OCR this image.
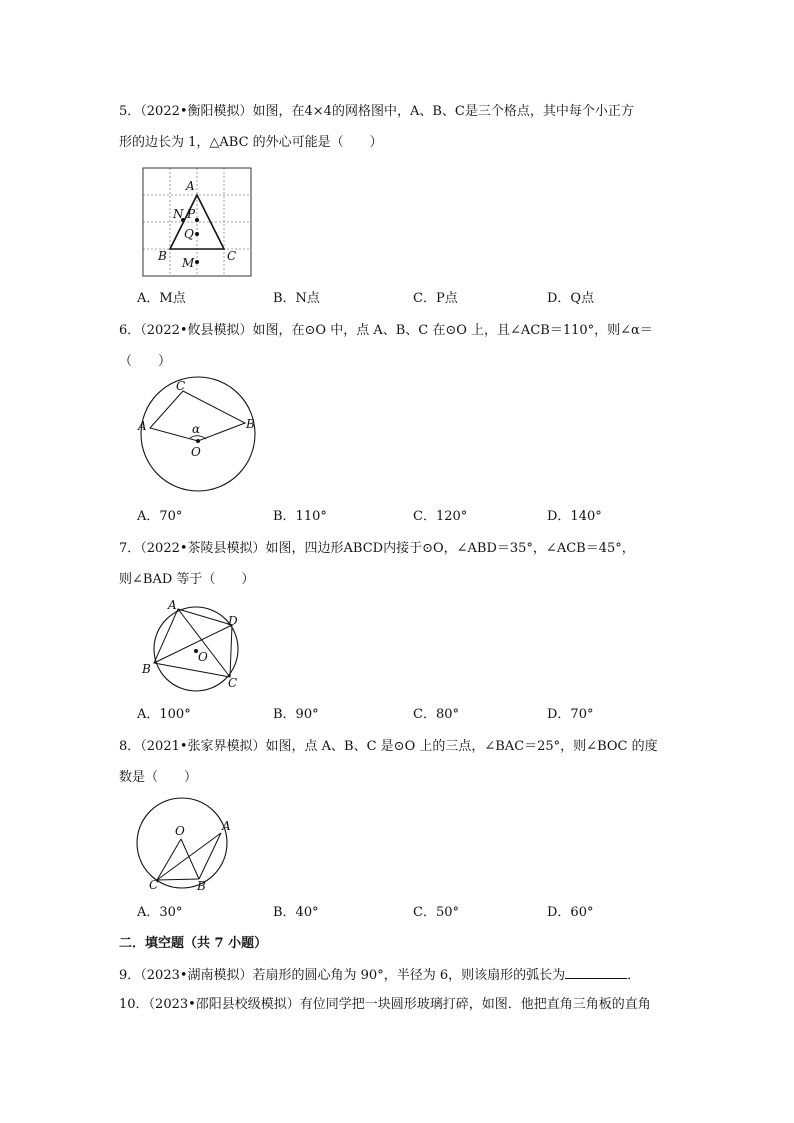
5．（2022•衡阳模拟）如图，在4×4的网格图中，A、B、C是三个格点，其中每个小正方
形的边长为 1，△ABC 的外心可能是（　　）
A
N P
Q
B	C
M
A．M点	B．N点	C．P点	D．Q点
6．（2022•攸县模拟）如图，在⊙O 中，点 A、B、C 在⊙O 上，且∠ACB＝110°，则∠α＝
（　　）
A
C
B
α
O
A．70°	B．110°	C．120°	D．140°
7．（2022•茶陵县模拟）如图，四边形ABCD内接于⊙O，∠ABD＝35°，∠ACB＝45°，
则∠BAD 等于（　　）
A
D
O
B
C
A．100°	B．90°	C．80°	D．70°
8．（2021•张家界模拟）如图，点 A、B、C 是⊙O 上的三点，∠BAC＝25°，则∠BOC 的度
数是（　　）
O	A
C	B
A．30°	B．40°	C．50°	D．60°
二．填空题（共 7 小题）
9．（2023•湖南模拟）若扇形的圆心角为 90°，半径为 6，则该扇形的弧长为	．
10．（2023•邵阳县校级模拟）有位同学把一块圆形玻璃打碎，如图．他把直角三角板的直角
